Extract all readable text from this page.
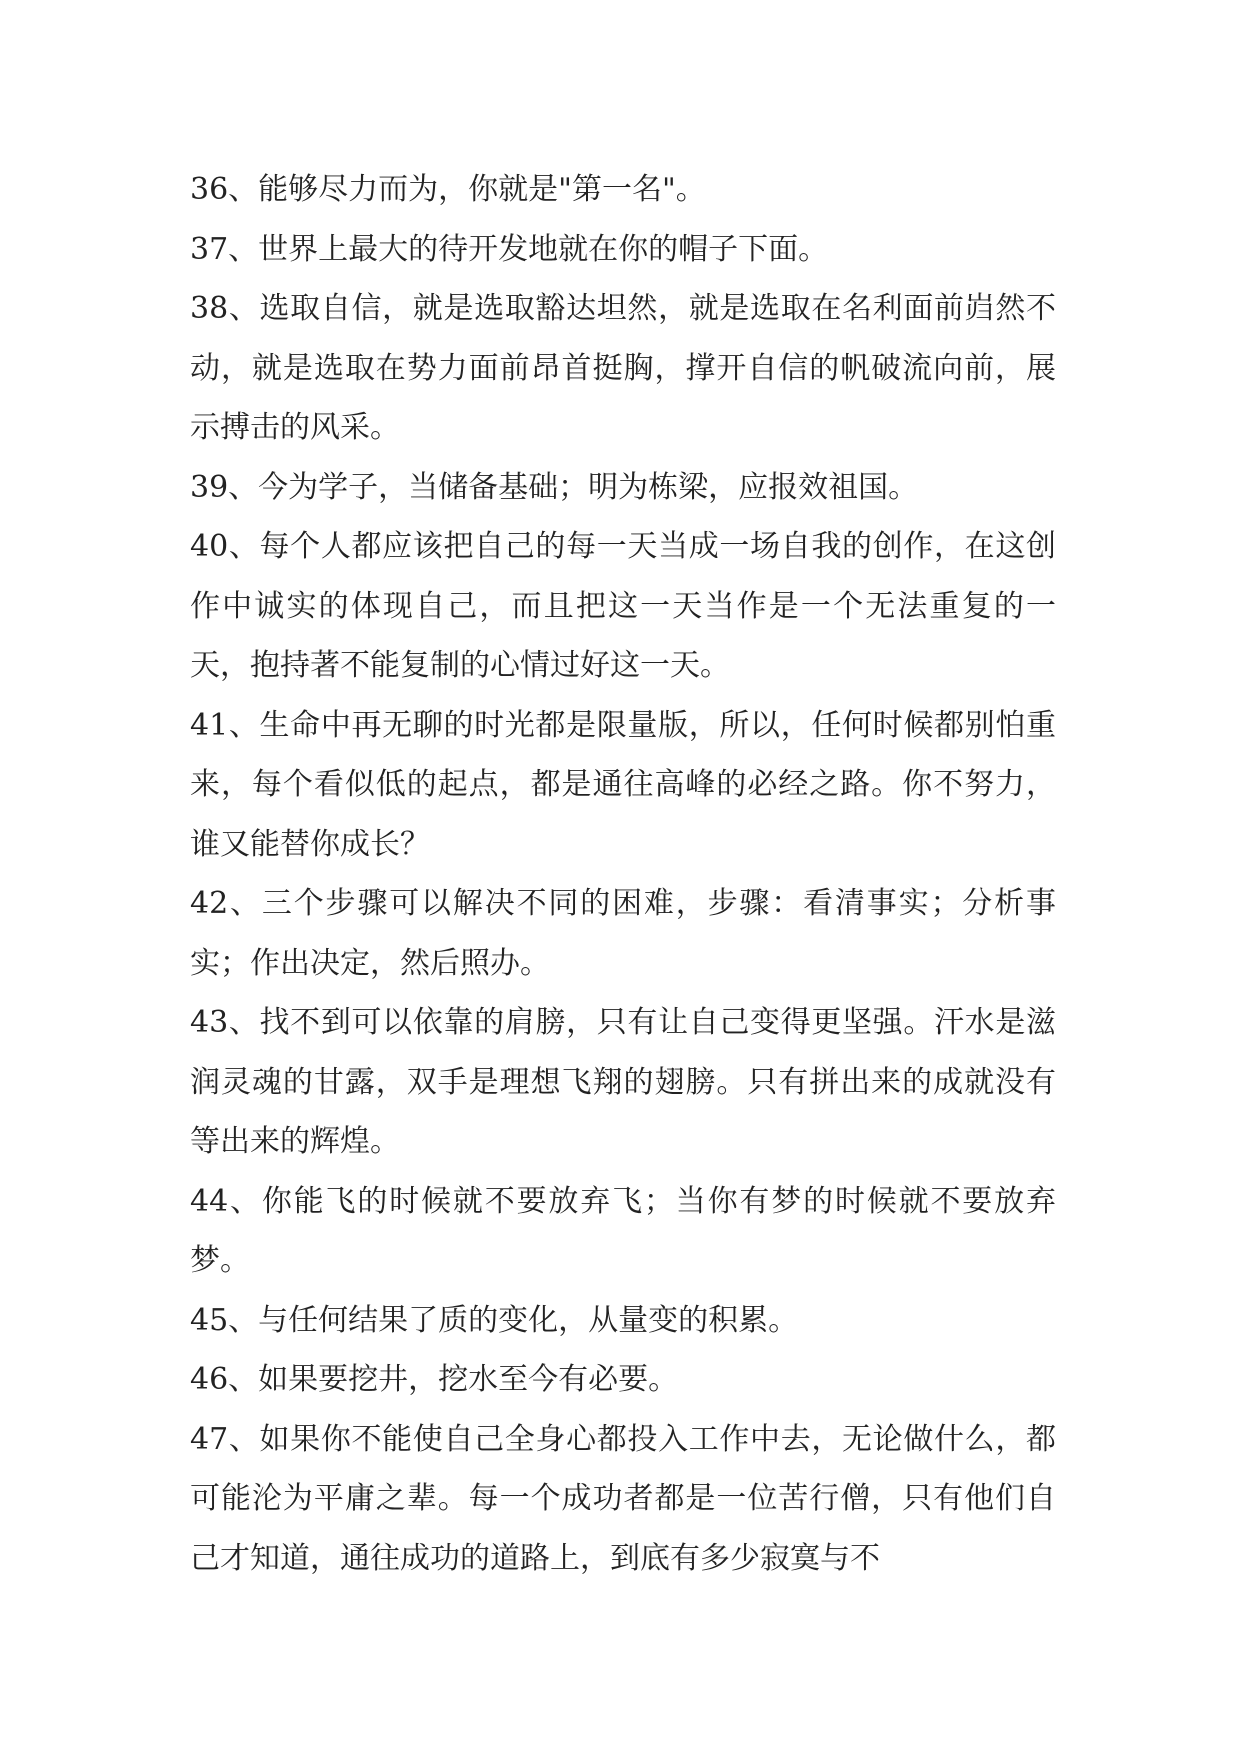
36、能够尽力而为，你就是"第一名"。

37、世界上最大的待开发地就在你的帽子下面。

38、选取自信，就是选取豁达坦然，就是选取在名利面前岿然不动，就是选取在势力面前昂首挺胸，撑开自信的帆破流向前，展示搏击的风采。

39、今为学子，当储备基础；明为栋梁，应报效祖国。

40、每个人都应该把自己的每一天当成一场自我的创作，在这创作中诚实的体现自己，而且把这一天当作是一个无法重复的一天，抱持著不能复制的心情过好这一天。

41、生命中再无聊的时光都是限量版，所以，任何时候都别怕重来，每个看似低的起点，都是通往高峰的必经之路。你不努力，谁又能替你成长？

42、三个步骤可以解决不同的困难，步骤：看清事实；分析事实；作出决定，然后照办。

43、找不到可以依靠的肩膀，只有让自己变得更坚强。汗水是滋润灵魂的甘露，双手是理想飞翔的翅膀。只有拼出来的成就没有等出来的辉煌。

44、你能飞的时候就不要放弃飞；当你有梦的时候就不要放弃梦。

45、与任何结果了质的变化，从量变的积累。

46、如果要挖井，挖水至今有必要。

47、如果你不能使自己全身心都投入工作中去，无论做什么，都可能沦为平庸之辈。每一个成功者都是一位苦行僧，只有他们自己才知道，通往成功的道路上，到底有多少寂寞与不
